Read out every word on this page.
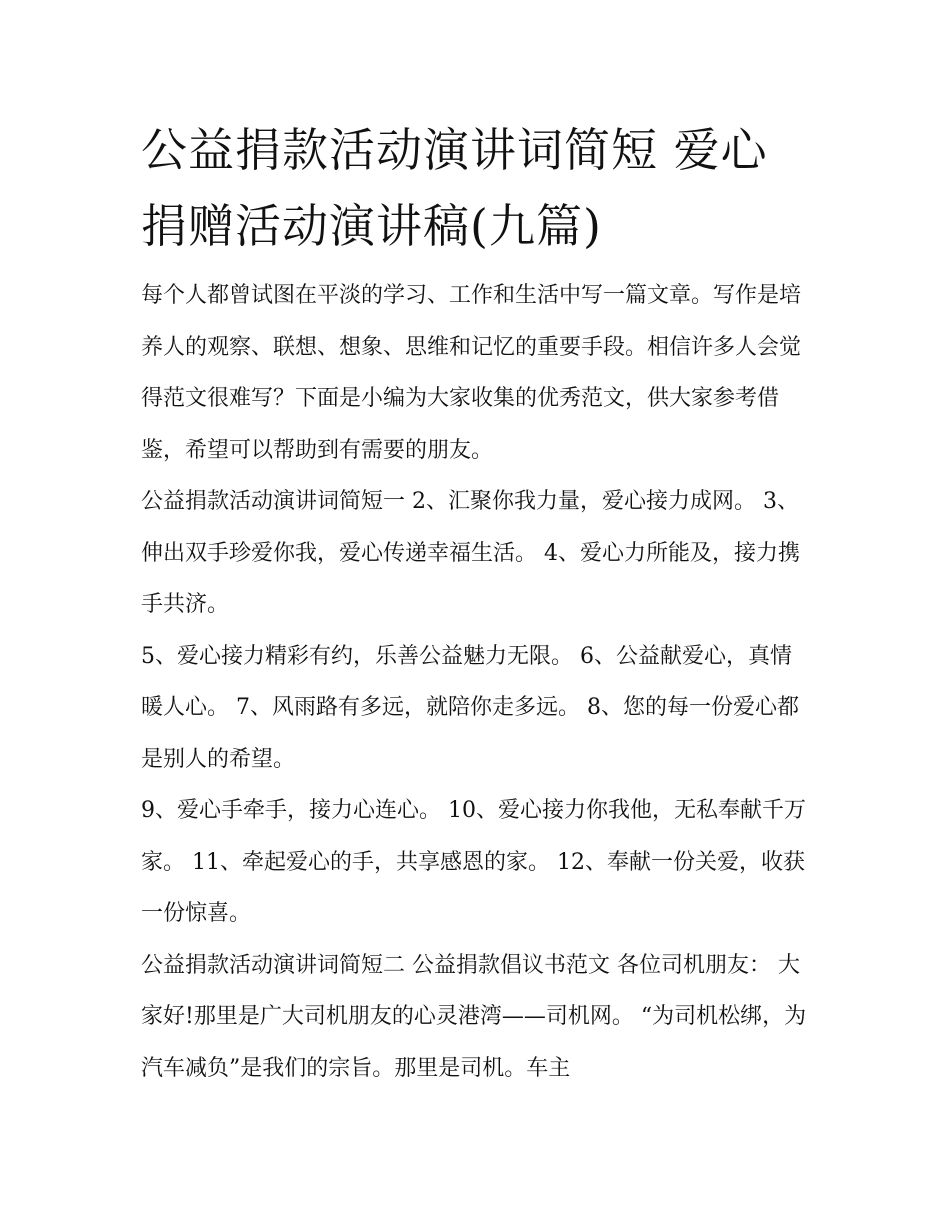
公益捐款活动演讲词简短 爱心捐赠活动演讲稿(九篇)

每个人都曾试图在平淡的学习、工作和生活中写一篇文章。写作是培养人的观察、联想、想象、思维和记忆的重要手段。相信许多人会觉得范文很难写？下面是小编为大家收集的优秀范文，供大家参考借鉴，希望可以帮助到有需要的朋友。

公益捐款活动演讲词简短一 2、汇聚你我力量，爱心接力成网。 3、伸出双手珍爱你我，爱心传递幸福生活。 4、爱心力所能及，接力携手共济。

5、爱心接力精彩有约，乐善公益魅力无限。 6、公益献爱心，真情暖人心。 7、风雨路有多远，就陪你走多远。 8、您的每一份爱心都是别人的希望。

9、爱心手牵手，接力心连心。 10、爱心接力你我他，无私奉献千万家。 11、牵起爱心的手，共享感恩的家。 12、奉献一份关爱，收获一份惊喜。

公益捐款活动演讲词简短二 公益捐款倡议书范文 各位司机朋友： 大家好!那里是广大司机朋友的心灵港湾——司机网。 “为司机松绑，为汽车减负”是我们的宗旨。那里是司机。车主
